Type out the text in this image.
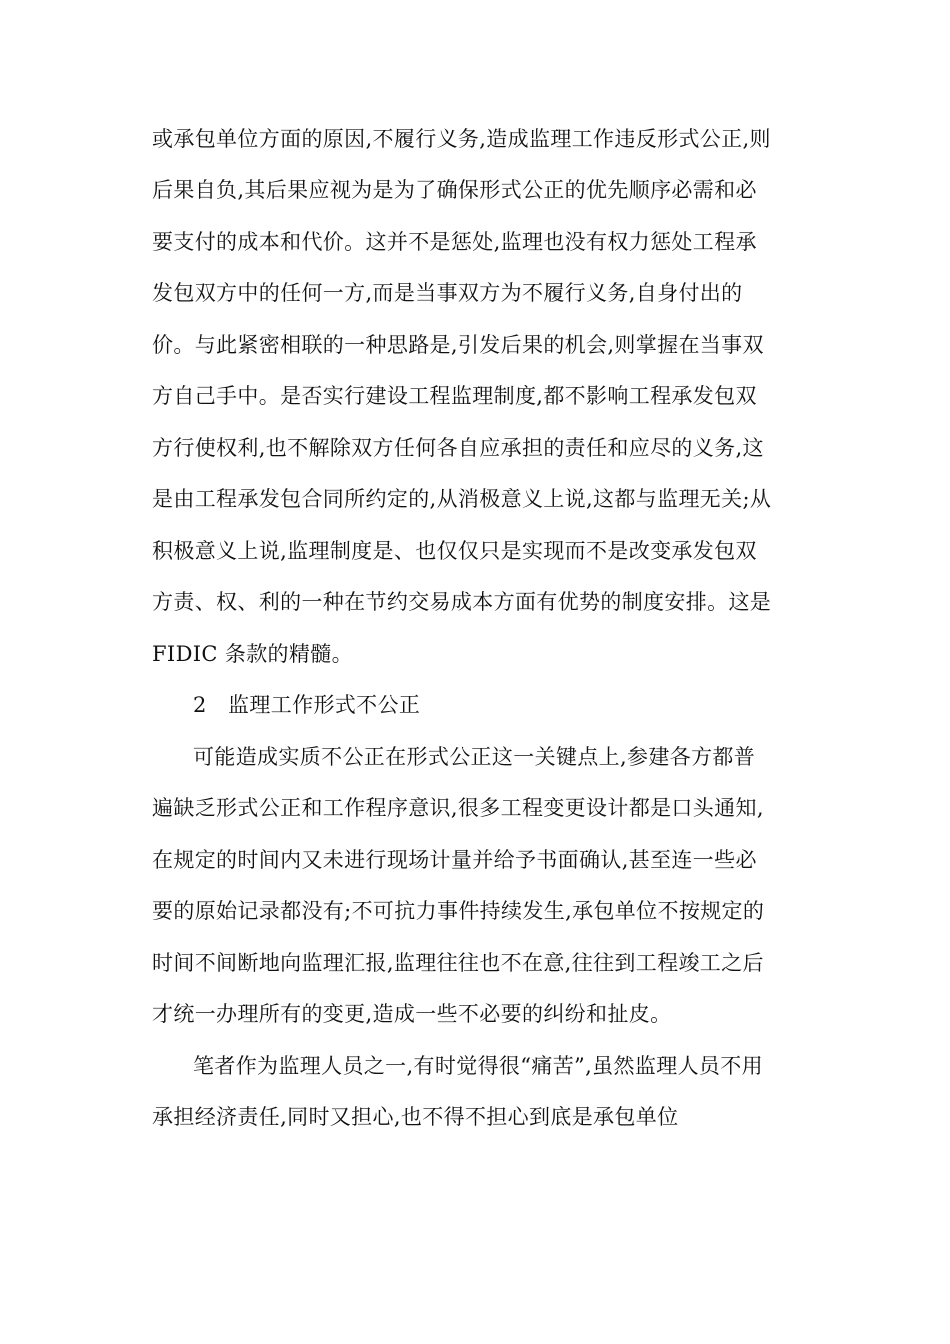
或承包单位方面的原因,不履行义务,造成监理工作违反形式公正,则
后果自负,其后果应视为是为了确保形式公正的优先顺序必需和必
要支付的成本和代价。这并不是惩处,监理也没有权力惩处工程承
发包双方中的任何一方,而是当事双方为不履行义务,自身付出的
价。与此紧密相联的一种思路是,引发后果的机会,则掌握在当事双
方自己手中。是否实行建设工程监理制度,都不影响工程承发包双
方行使权利,也不解除双方任何各自应承担的责任和应尽的义务,这
是由工程承发包合同所约定的,从消极意义上说,这都与监理无关;从
积极意义上说,监理制度是、也仅仅只是实现而不是改变承发包双
方责、权、利的一种在节约交易成本方面有优势的制度安排。这是
FIDIC 条款的精髓。
2　监理工作形式不公正
可能造成实质不公正在形式公正这一关键点上,参建各方都普
遍缺乏形式公正和工作程序意识,很多工程变更设计都是口头通知,
在规定的时间内又未进行现场计量并给予书面确认,甚至连一些必
要的原始记录都没有;不可抗力事件持续发生,承包单位不按规定的
时间不间断地向监理汇报,监理往往也不在意,往往到工程竣工之后
才统一办理所有的变更,造成一些不必要的纠纷和扯皮。
笔者作为监理人员之一,有时觉得很“痛苦”,虽然监理人员不用
承担经济责任,同时又担心,也不得不担心到底是承包单位
